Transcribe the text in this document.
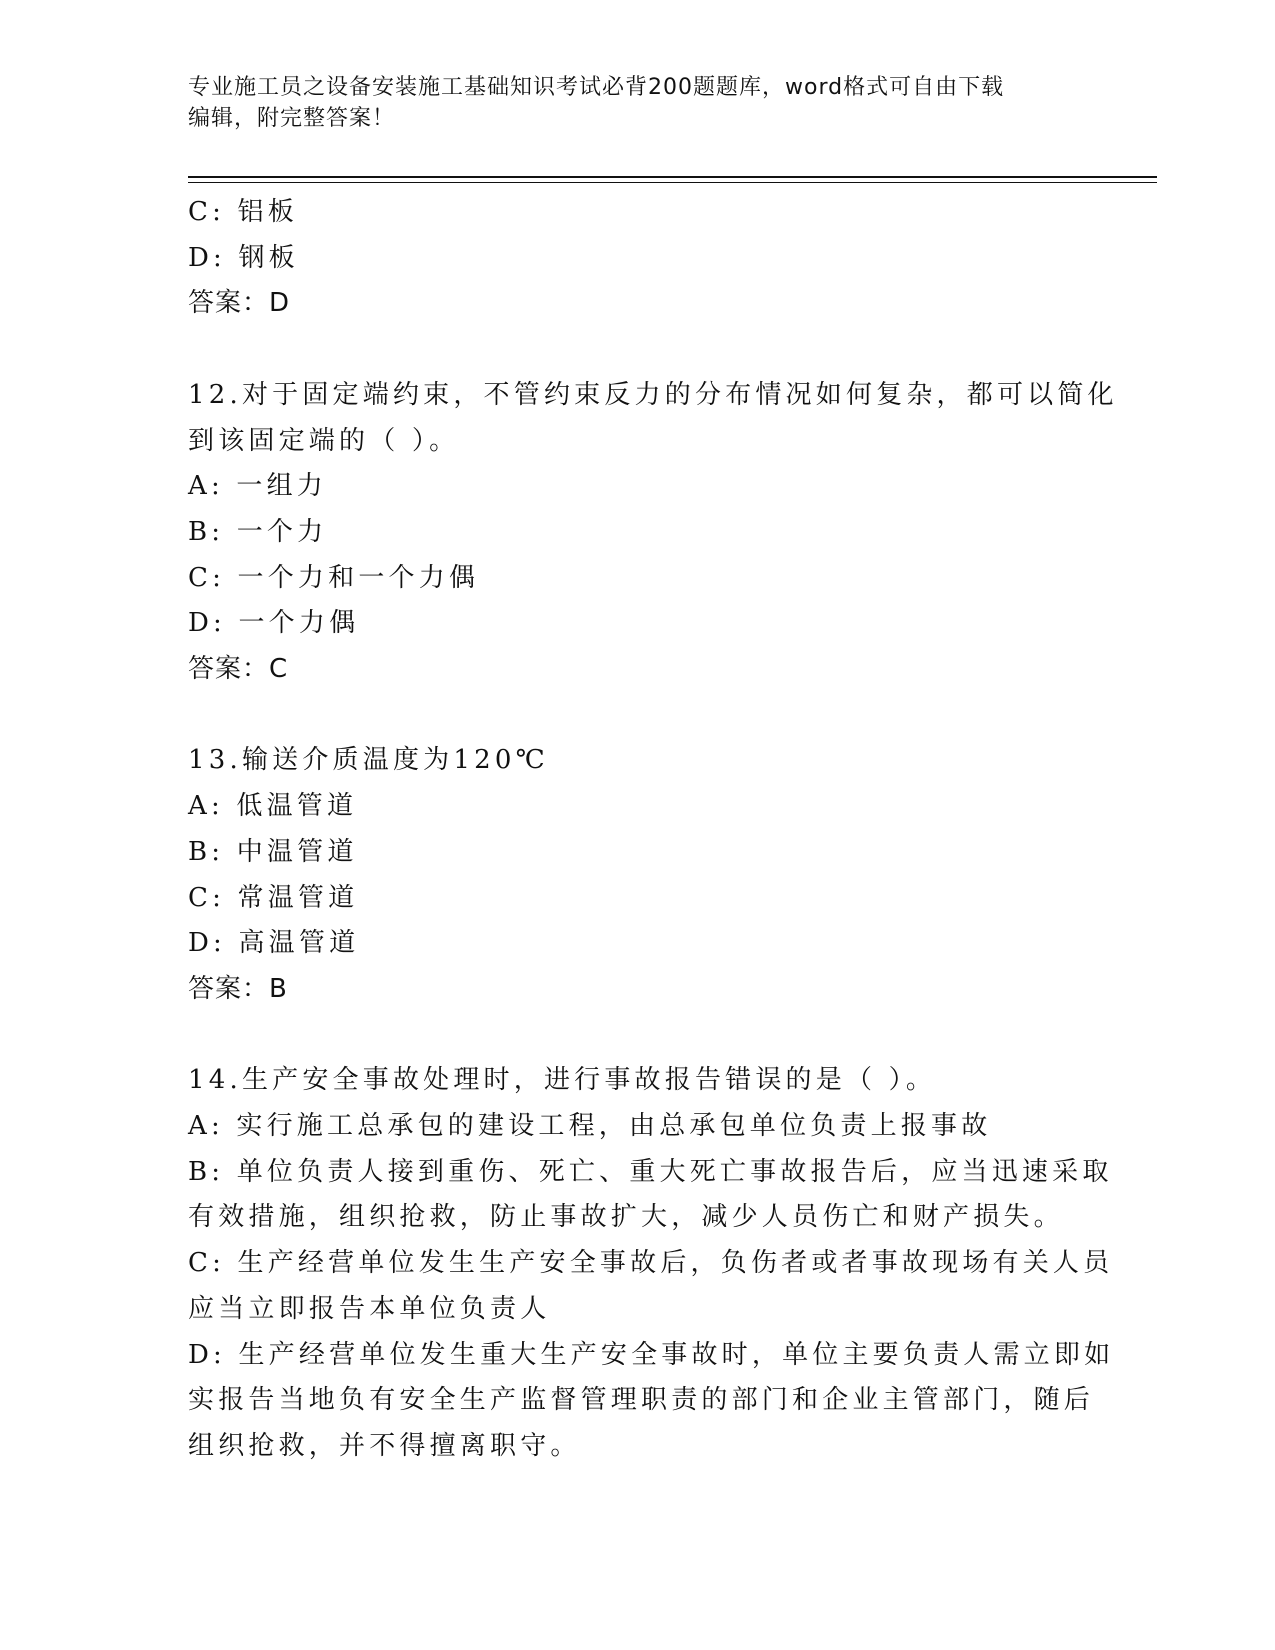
专业施工员之设备安装施工基础知识考试必背200题题库，word格式可自由下载
编辑，附完整答案！
C: 铝板
D: 钢板
答案：D
12.对于固定端约束，不管约束反力的分布情况如何复杂，都可以简化
到该固定端的（ ）。
A: 一组力
B: 一个力
C: 一个力和一个力偶
D: 一个力偶
答案：C
13.输送介质温度为120℃
A: 低温管道
B: 中温管道
C: 常温管道
D: 高温管道
答案：B
14.生产安全事故处理时，进行事故报告错误的是（ ）。
A: 实行施工总承包的建设工程，由总承包单位负责上报事故
B: 单位负责人接到重伤、死亡、重大死亡事故报告后，应当迅速采取
有效措施，组织抢救，防止事故扩大，减少人员伤亡和财产损失。
C: 生产经营单位发生生产安全事故后，负伤者或者事故现场有关人员
应当立即报告本单位负责人
D: 生产经营单位发生重大生产安全事故时，单位主要负责人需立即如
实报告当地负有安全生产监督管理职责的部门和企业主管部门，随后
组织抢救，并不得擅离职守。
